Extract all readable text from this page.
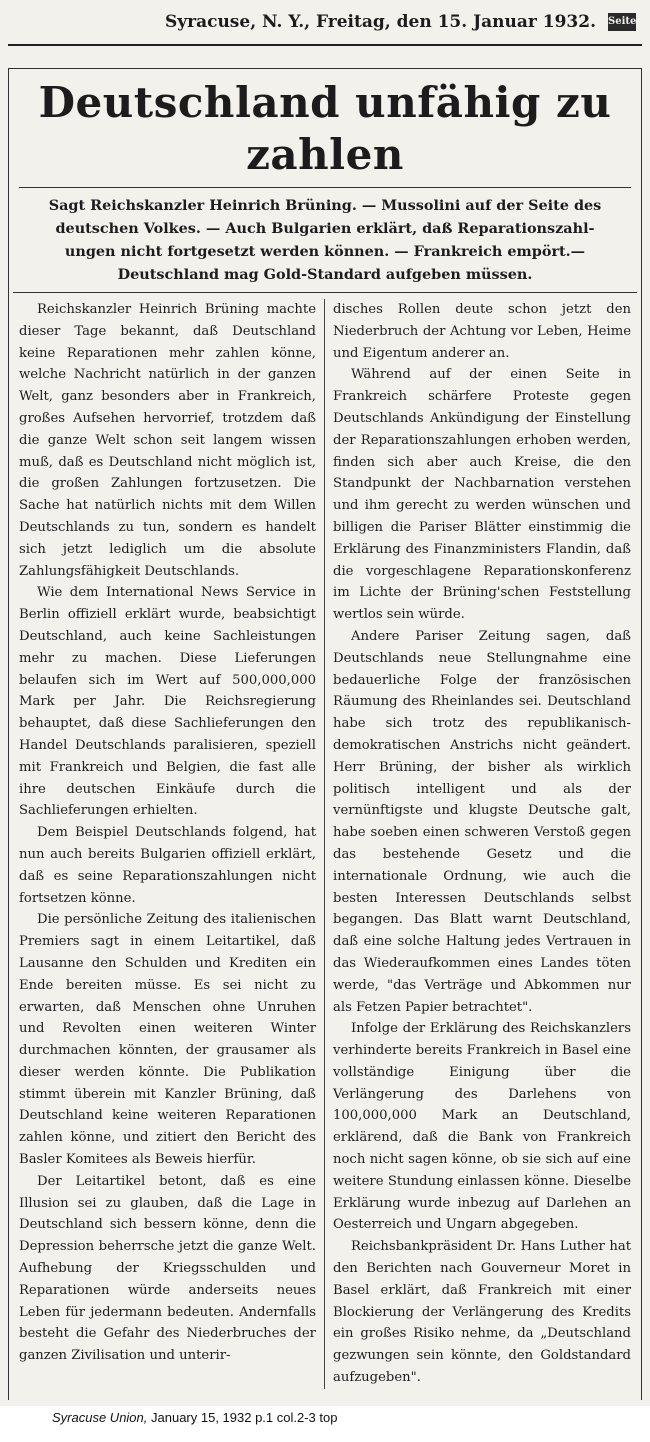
Syracuse, N. Y., Freitag, den 15. Januar 1932. Seite
Deutschland unfähig zu zahlen
Sagt Reichskanzler Heinrich Brüning. — Mussolini auf der Seite des
deutschen Volkes. — Auch Bulgarien erklärt, daß Reparationszahl-
ungen nicht fortgesetzt werden können. — Frankreich empört.—
Deutschland mag Gold-Standard aufgeben müssen.

Reichskanzler Heinrich Brüning machte dieser Tage bekannt, daß Deutschland keine Reparationen mehr zahlen könne, welche Nachricht natürlich in der ganzen Welt, ganz besonders aber in Frankreich, großes Aufsehen hervorrief, trotzdem daß die ganze Welt schon seit langem wissen muß, daß es Deutschland nicht möglich ist, die großen Zahlungen fortzusetzen. Die Sache hat natürlich nichts mit dem Willen Deutschlands zu tun, sondern es handelt sich jetzt lediglich um die absolute Zahlungsfähigkeit Deutschlands.

Wie dem International News Service in Berlin offiziell erklärt wurde, beabsichtigt Deutschland, auch keine Sachleistungen mehr zu machen. Diese Lieferungen belaufen sich im Wert auf 500,000,000 Mark per Jahr. Die Reichsregierung behauptet, daß diese Sachlieferungen den Handel Deutschlands paralisieren, speziell mit Frankreich und Belgien, die fast alle ihre deutschen Einkäufe durch die Sachlieferungen erhielten.

Dem Beispiel Deutschlands folgend, hat nun auch bereits Bulgarien offiziell erklärt, daß es seine Reparationszahlungen nicht fortsetzen könne.

Die persönliche Zeitung des italienischen Premiers sagt in einem Leitartikel, daß Lausanne den Schulden und Krediten ein Ende bereiten müsse. Es sei nicht zu erwarten, daß Menschen ohne Unruhen und Revolten einen weiteren Winter durchmachen könnten, der grausamer als dieser werden könnte. Die Publikation stimmt überein mit Kanzler Brüning, daß Deutschland keine weiteren Reparationen zahlen könne, und zitiert den Bericht des Basler Komitees als Beweis hierfür.

Der Leitartikel betont, daß es eine Illusion sei zu glauben, daß die Lage in Deutschland sich bessern könne, denn die Depression beherrsche jetzt die ganze Welt. Aufhebung der Kriegsschulden und Reparationen würde anderseits neues Leben für jedermann bedeuten. Andernfalls besteht die Gefahr des Niederbruches der ganzen Zivilisation und unterir-

disches Rollen deute schon jetzt den Niederbruch der Achtung vor Leben, Heime und Eigentum anderer an.

Während auf der einen Seite in Frankreich schärfere Proteste gegen Deutschlands Ankündigung der Einstellung der Reparationszahlungen erhoben werden, finden sich aber auch Kreise, die den Standpunkt der Nachbarnation verstehen und ihm gerecht zu werden wünschen und billigen die Pariser Blätter einstimmig die Erklärung des Finanzministers Flandin, daß die vorgeschlagene Reparationskonferenz im Lichte der Brüning'schen Feststellung wertlos sein würde.

Andere Pariser Zeitung sagen, daß Deutschlands neue Stellungnahme eine bedauerliche Folge der französischen Räumung des Rheinlandes sei. Deutschland habe sich trotz des republikanisch-demokratischen Anstrichs nicht geändert. Herr Brüning, der bisher als wirklich politisch intelligent und als der vernünftigste und klugste Deutsche galt, habe soeben einen schweren Verstoß gegen das bestehende Gesetz und die internationale Ordnung, wie auch die besten Interessen Deutschlands selbst begangen. Das Blatt warnt Deutschland, daß eine solche Haltung jedes Vertrauen in das Wiederaufkommen eines Landes töten werde, "das Verträge und Abkommen nur als Fetzen Papier betrachtet".

Infolge der Erklärung des Reichskanzlers verhinderte bereits Frankreich in Basel eine vollständige Einigung über die Verlängerung des Darlehens von 100,000,000 Mark an Deutschland, erklärend, daß die Bank von Frankreich noch nicht sagen könne, ob sie sich auf eine weitere Stundung einlassen könne. Dieselbe Erklärung wurde inbezug auf Darlehen an Oesterreich und Ungarn abgegeben.

Reichsbankpräsident Dr. Hans Luther hat den Berichten nach Gouverneur Moret in Basel erklärt, daß Frankreich mit einer Blockierung der Verlängerung des Kredits ein großes Risiko nehme, da „Deutschland gezwungen sein könnte, den Goldstandard aufzugeben".

Syracuse Union, January 15, 1932 p.1 col.2-3 top
